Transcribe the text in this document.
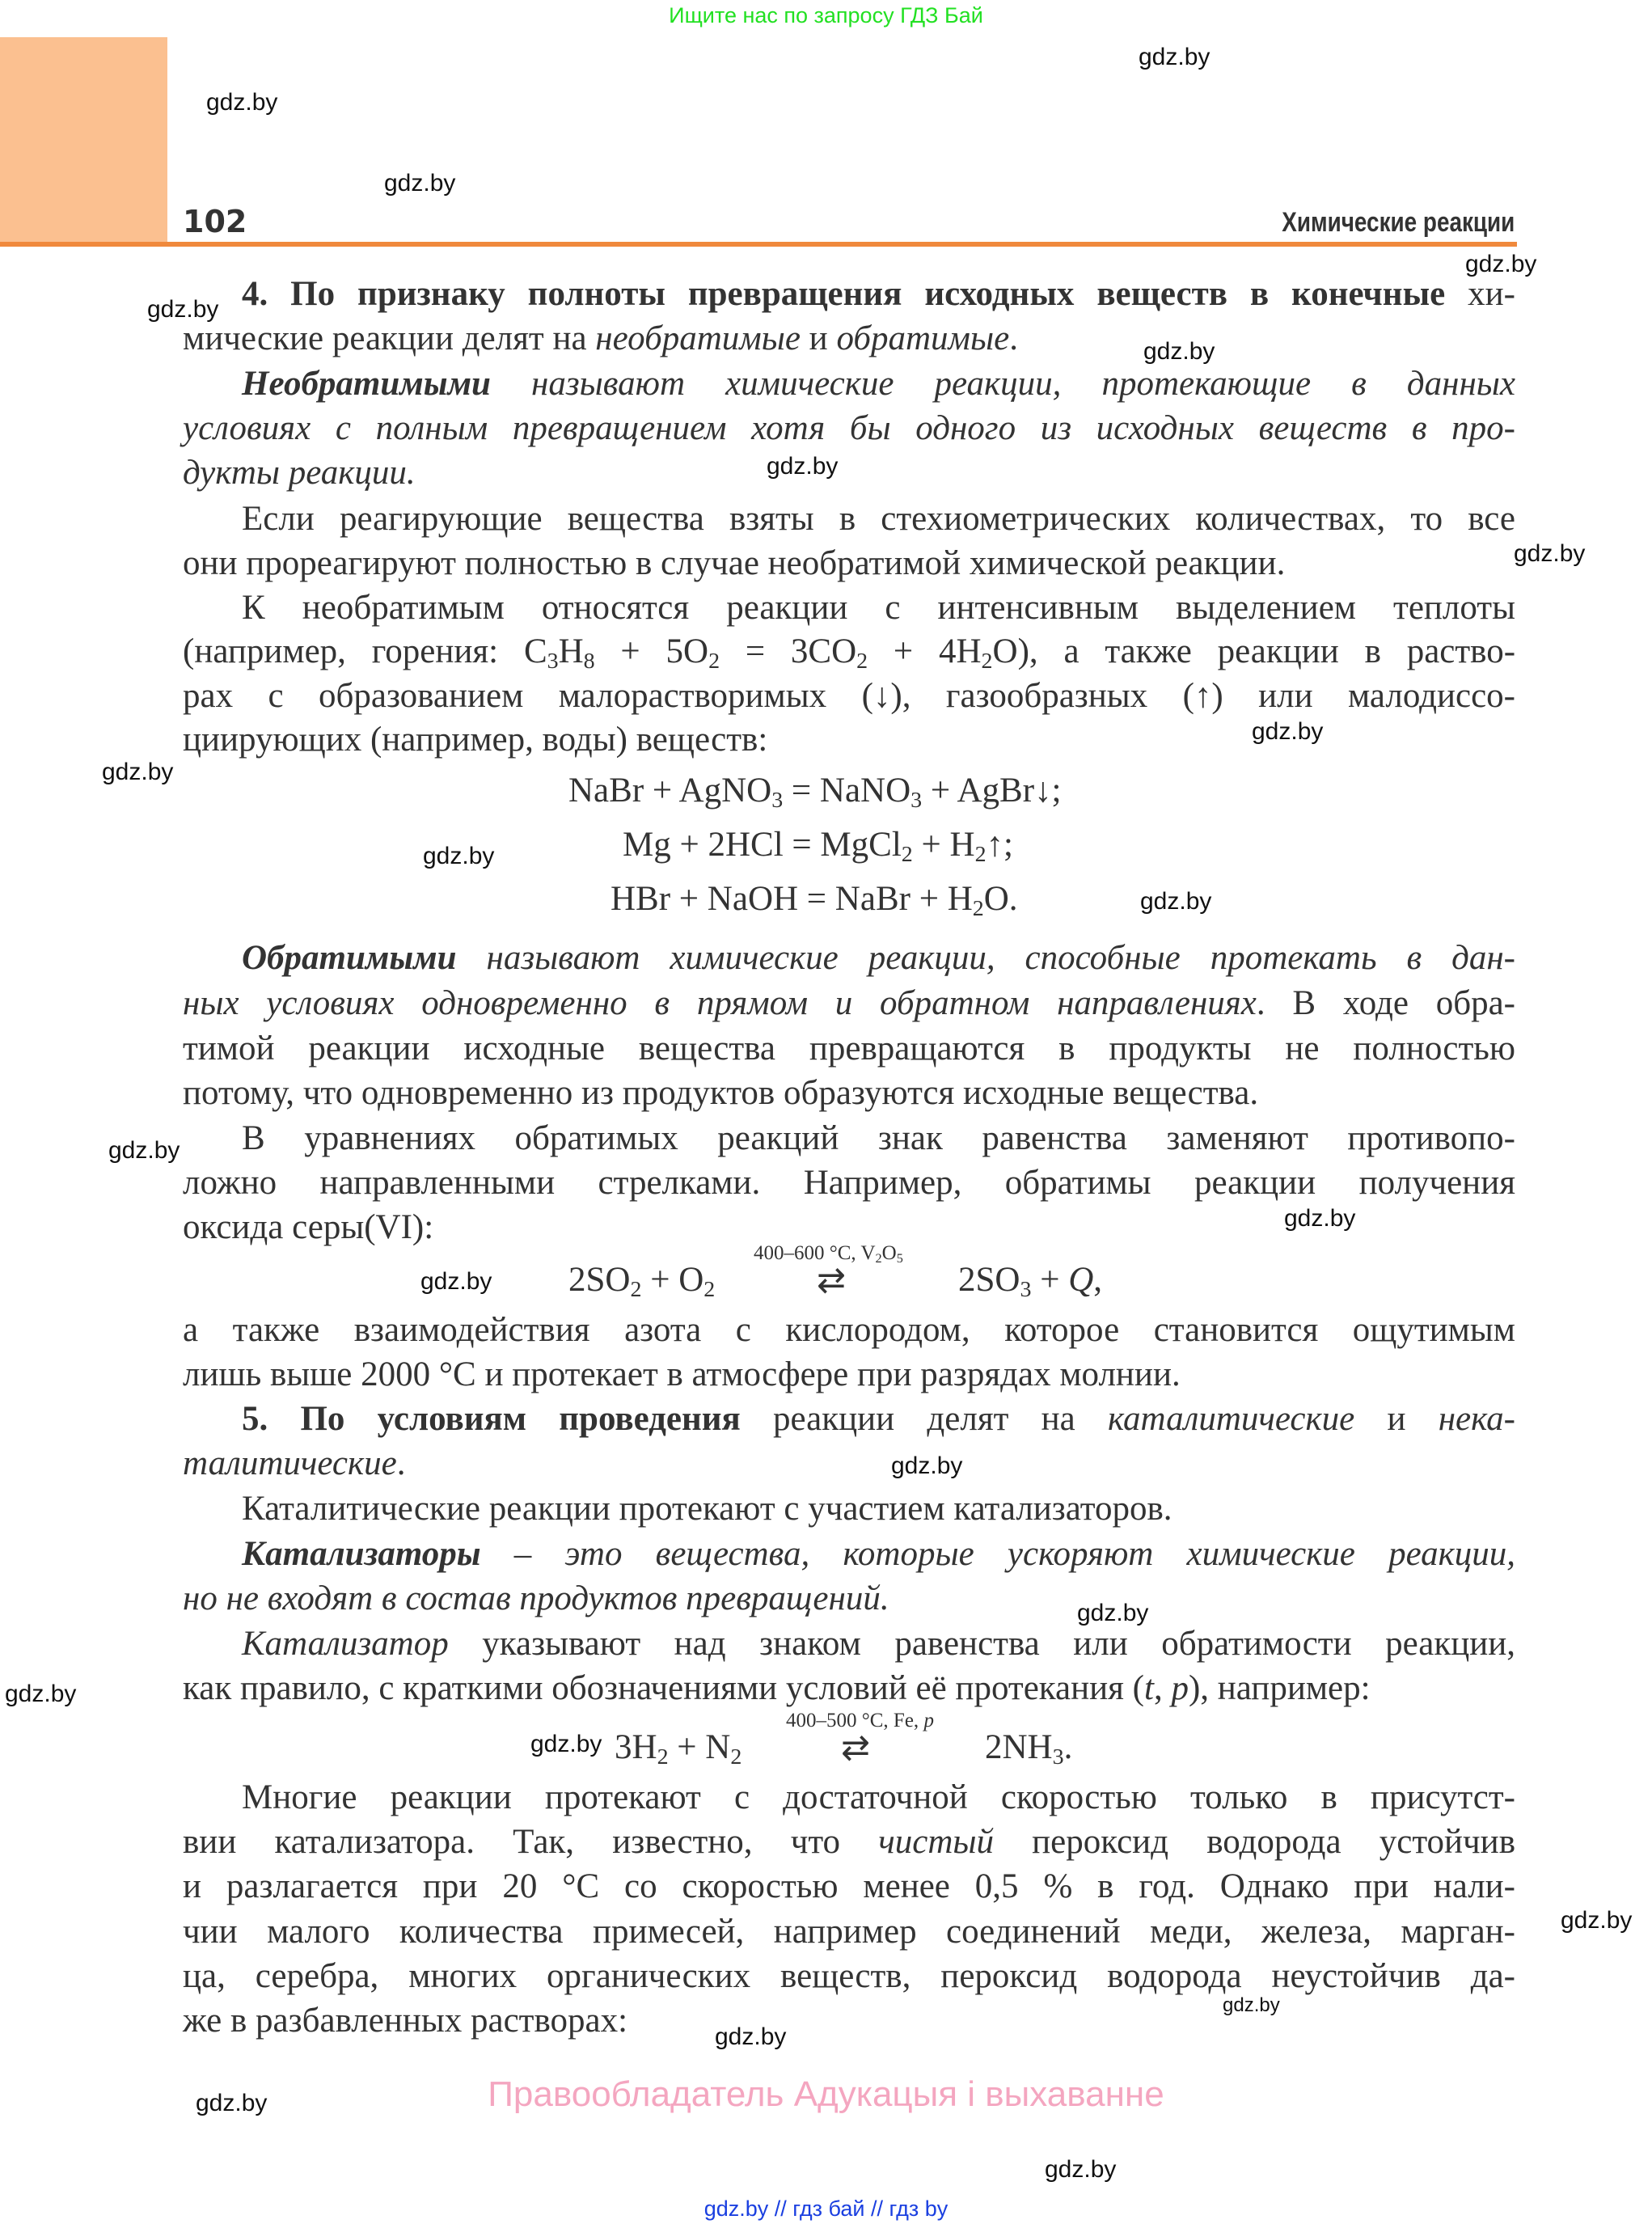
Ищите нас по запросу ГДЗ Бай
102	Химические реакции
gdz.by
gdz.by
gdz.by
gdz.by
gdz.by
gdz.by
gdz.by
gdz.by
gdz.by
gdz.by
gdz.by
gdz.by
gdz.by
gdz.by
gdz.by
gdz.by
gdz.by
gdz.by
gdz.by
gdz.by
gdz.by
gdz.by
gdz.by
gdz.by
4. По признаку полноты превращения исходных веществ в конечные хи-
мические реакции делят на необратимые и обратимые.
Необратимыми называют химические реакции, протекающие в данных
условиях с полным превращением хотя бы одного из исходных веществ в про-
дукты реакции.
Если реагирующие вещества взяты в стехиометрических количествах, то все
они прореагируют полностью в случае необратимой химической реакции.
К необратимым относятся реакции с интенсивным выделением теплоты
(например, горения: $C_3H_8 + 5O_2 = 3CO_2 + 4H_2O$), а также реакции в раство-
рах с образованием малорастворимых (↓), газообразных (↑) или малодиссо-
циирующих (например, воды) веществ:
NaBr + AgNO$_3$ = NaNO$_3$ + AgBr↓;
Mg + 2HCl = MgCl$_2$ + $H_2↑$;
HBr + NaOH = NaBr + $H_2O$.
Обратимыми называют химические реакции, способные протекать в дан-
ных условиях одновременно в прямом и обратном направлениях. В ходе обра-
тимой реакции исходные вещества превращаются в продукты не полностью
потому, что одновременно из продуктов образуются исходные вещества.
В уравнениях обратимых реакций знак равенства заменяют противопо-
ложно направленными стрелками. Например, обратимы реакции получения
оксида серы(VI):
$2SO_2 + O_2$
400–600 °C, $V_2O_5$
⇄	$2SO_3 + Q$,
а также взаимодействия азота с кислородом, которое становится ощутимым
лишь выше 2000 °C и протекает в атмосфере при разрядах молнии.
5. По условиям проведения реакции делят на каталитические и нека-
талитические.
Каталитические реакции протекают с участием катализаторов.
Катализаторы – это вещества, которые ускоряют химические реакции,
но не входят в состав продуктов превращений.
Катализатор указывают над знаком равенства или обратимости реакции,
как правило, с краткими обозначениями условий её протекания (t, p), например:
$3H_2 + N_2$
400–500 °C, Fe, p
⇄	$2NH_3$.
Многие реакции протекают с достаточной скоростью только в присутст-
вии катализатора. Так, известно, что чистый пероксид водорода устойчив
и разлагается при 20 °C со скоростью менее 0,5 % в год. Однако при нали-
чии малого количества примесей, например соединений меди, железа, марган-
ца, серебра, многих органических веществ, пероксид водорода неустойчив да-
же в разбавленных растворах:
Правообладатель Адукацыя і выхаванне
gdz.by // гдз бай // гдз by
